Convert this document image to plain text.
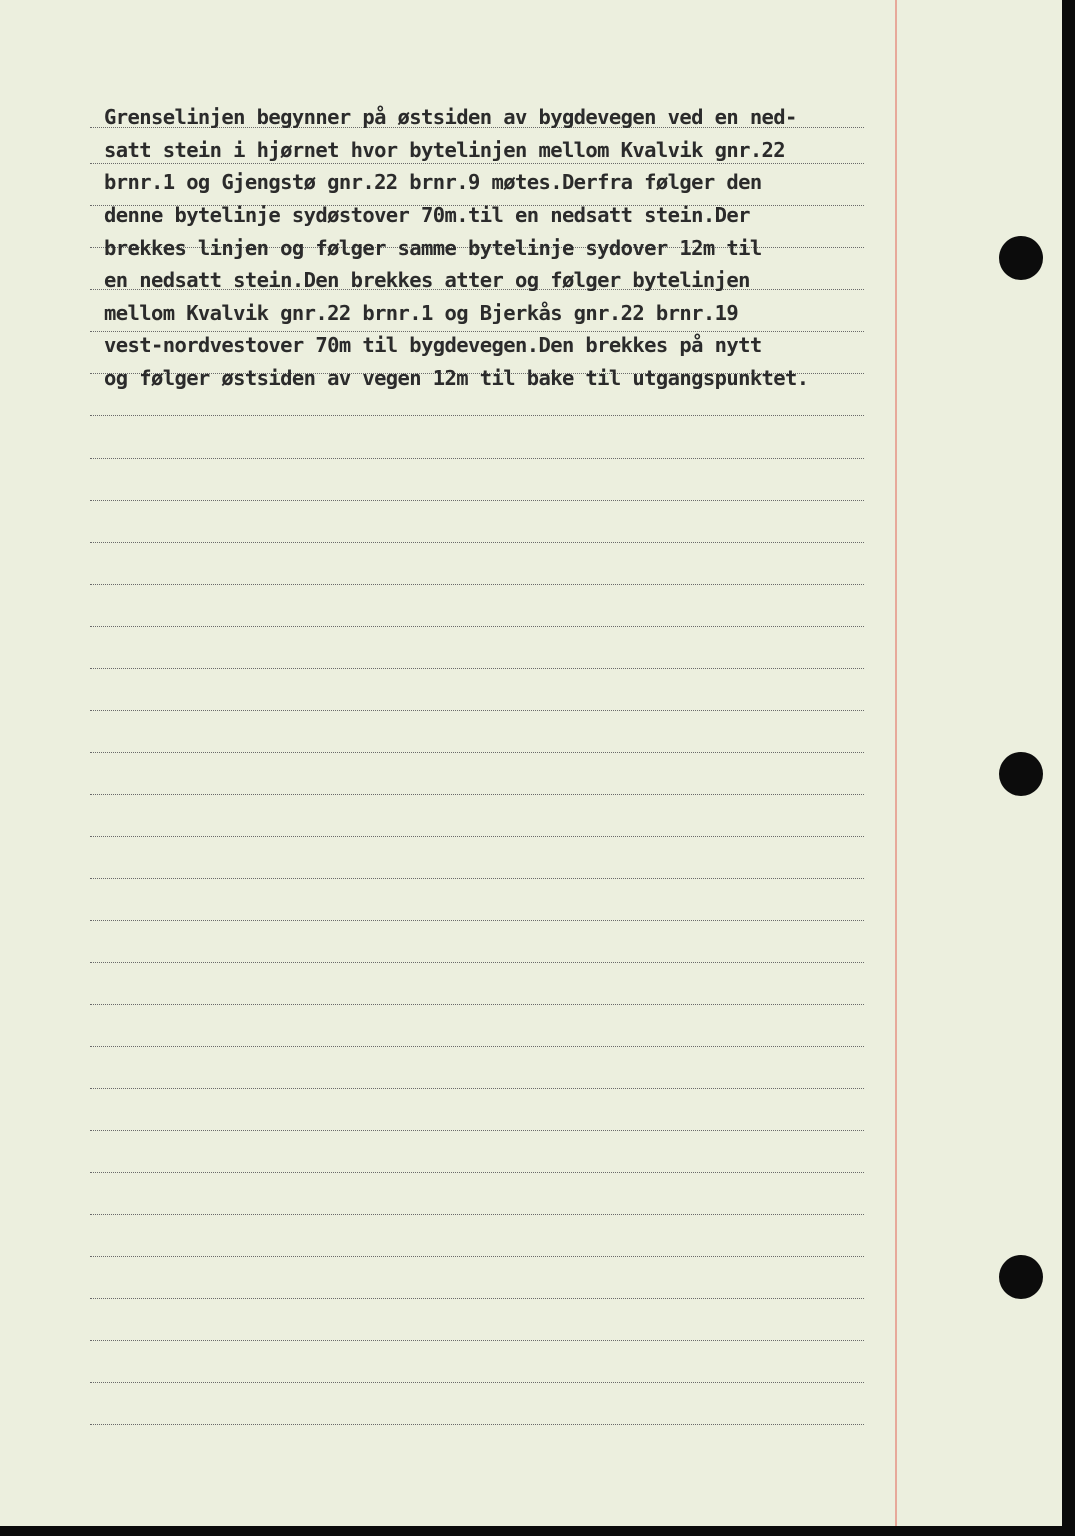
Grenselinjen begynner på østsiden av bygdevegen ved en ned-
satt stein i hjørnet hvor bytelinjen mellom Kvalvik gnr.22
brnr.1 og Gjengstø gnr.22 brnr.9 møtes.Derfra følger den
denne bytelinje sydøstover 70m.til en nedsatt stein.Der
brekkes linjen og følger samme bytelinje sydover 12m til
en nedsatt stein.Den brekkes atter og følger bytelinjen
mellom Kvalvik gnr.22 brnr.1 og Bjerkås gnr.22 brnr.19
vest-nordvestover 70m til bygdevegen.Den brekkes på nytt
og følger østsiden av vegen 12m til bake til utgangspunktet.
